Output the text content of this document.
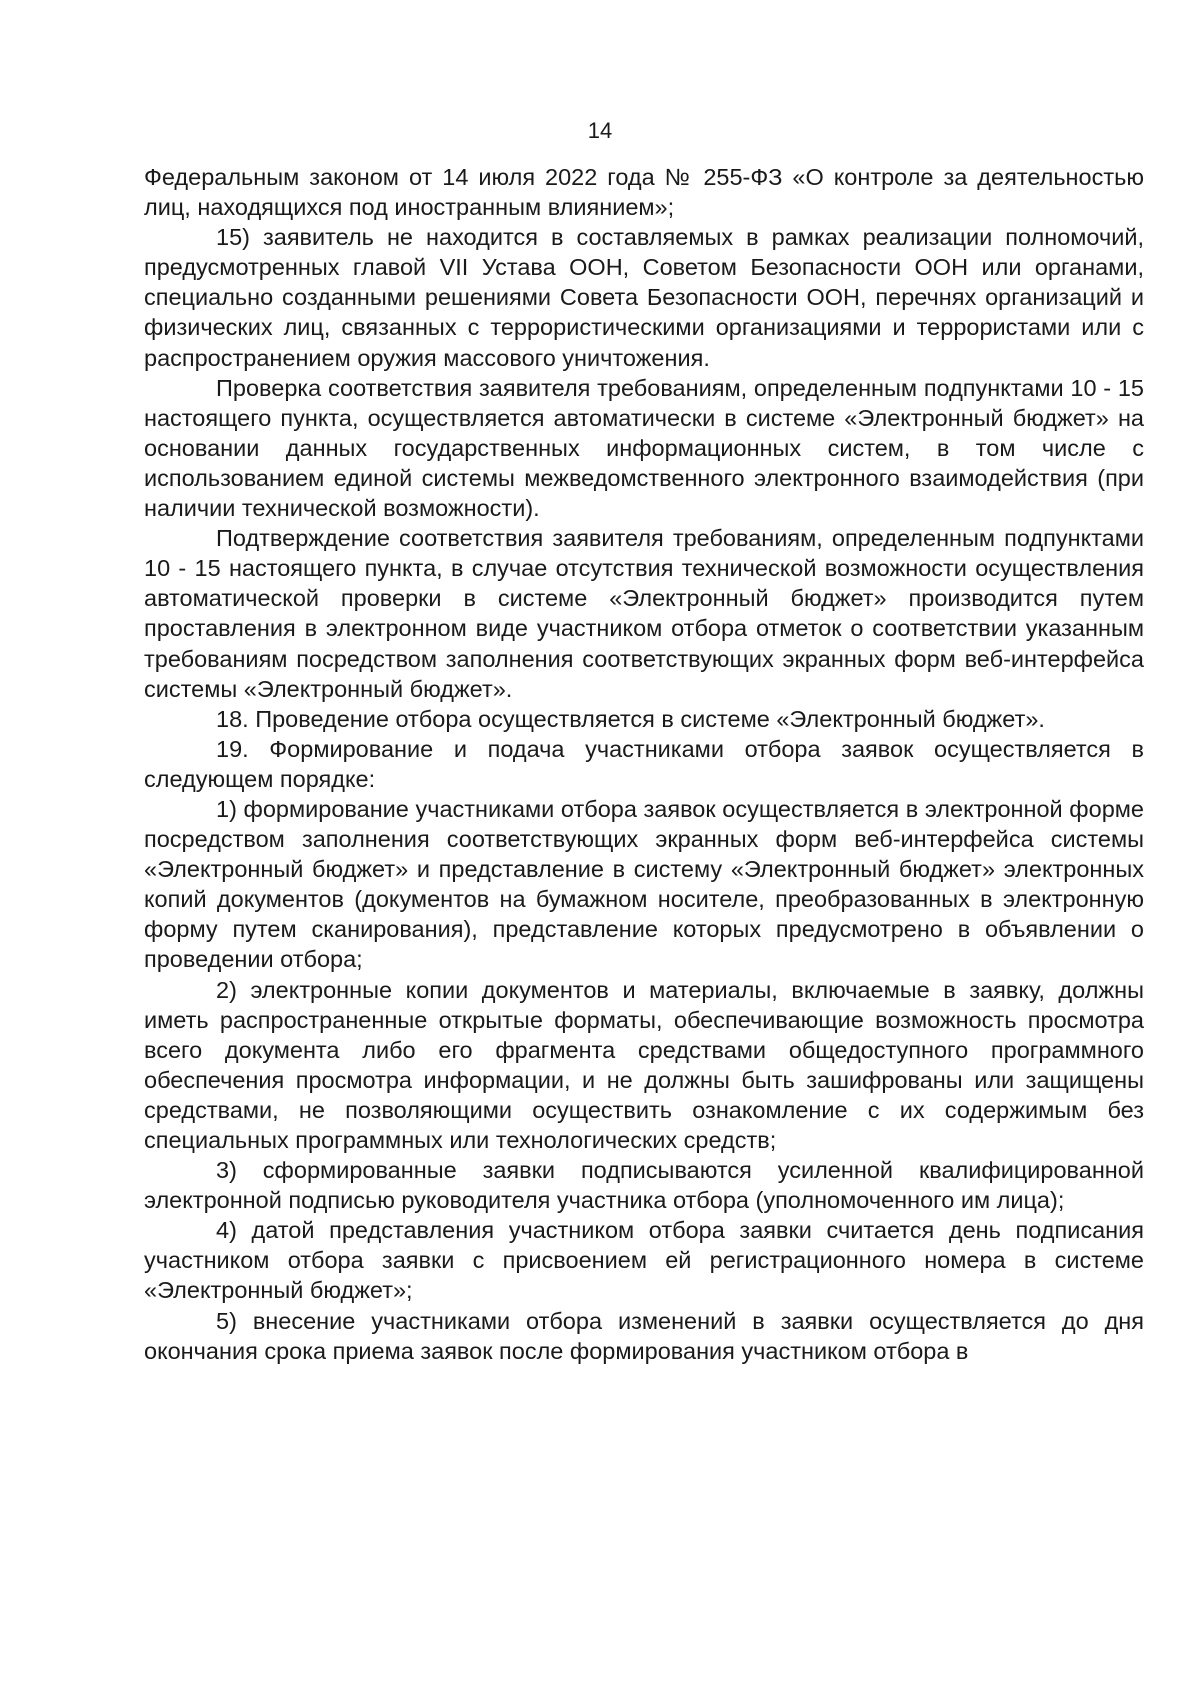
14

Федеральным законом от 14 июля 2022 года № 255-ФЗ «О контроле за деятельностью лиц, находящихся под иностранным влиянием»;

15) заявитель не находится в составляемых в рамках реализации полномочий, предусмотренных главой VII Устава ООН, Советом Безопасности ООН или органами, специально созданными решениями Совета Безопасности ООН, перечнях организаций и физических лиц, связанных с террористическими организациями и террористами или с распространением оружия массового уничтожения.

Проверка соответствия заявителя требованиям, определенным подпунктами 10 - 15 настоящего пункта, осуществляется автоматически в системе «Электронный бюджет» на основании данных государственных информационных систем, в том числе с использованием единой системы межведомственного электронного взаимодействия (при наличии технической возможности).

Подтверждение соответствия заявителя требованиям, определенным подпунктами 10 - 15 настоящего пункта, в случае отсутствия технической возможности осуществления автоматической проверки в системе «Электронный бюджет» производится путем проставления в электронном виде участником отбора отметок о соответствии указанным требованиям посредством заполнения соответствующих экранных форм веб-интерфейса системы «Электронный бюджет».

18. Проведение отбора осуществляется в системе «Электронный бюджет».

19. Формирование и подача участниками отбора заявок осуществляется в следующем порядке:

1) формирование участниками отбора заявок осуществляется в электронной форме посредством заполнения соответствующих экранных форм веб-интерфейса системы «Электронный бюджет» и представление в систему «Электронный бюджет» электронных копий документов (документов на бумажном носителе, преобразованных в электронную форму путем сканирования), представление которых предусмотрено в объявлении о проведении отбора;

2) электронные копии документов и материалы, включаемые в заявку, должны иметь распространенные открытые форматы, обеспечивающие возможность просмотра всего документа либо его фрагмента средствами общедоступного программного обеспечения просмотра информации, и не должны быть зашифрованы или защищены средствами, не позволяющими осуществить ознакомление с их содержимым без специальных программных или технологических средств;

3) сформированные заявки подписываются усиленной квалифицированной электронной подписью руководителя участника отбора (уполномоченного им лица);

4) датой представления участником отбора заявки считается день подписания участником отбора заявки с присвоением ей регистрационного номера в системе «Электронный бюджет»;

5) внесение участниками отбора изменений в заявки осуществляется до дня окончания срока приема заявок после формирования участником отбора в
